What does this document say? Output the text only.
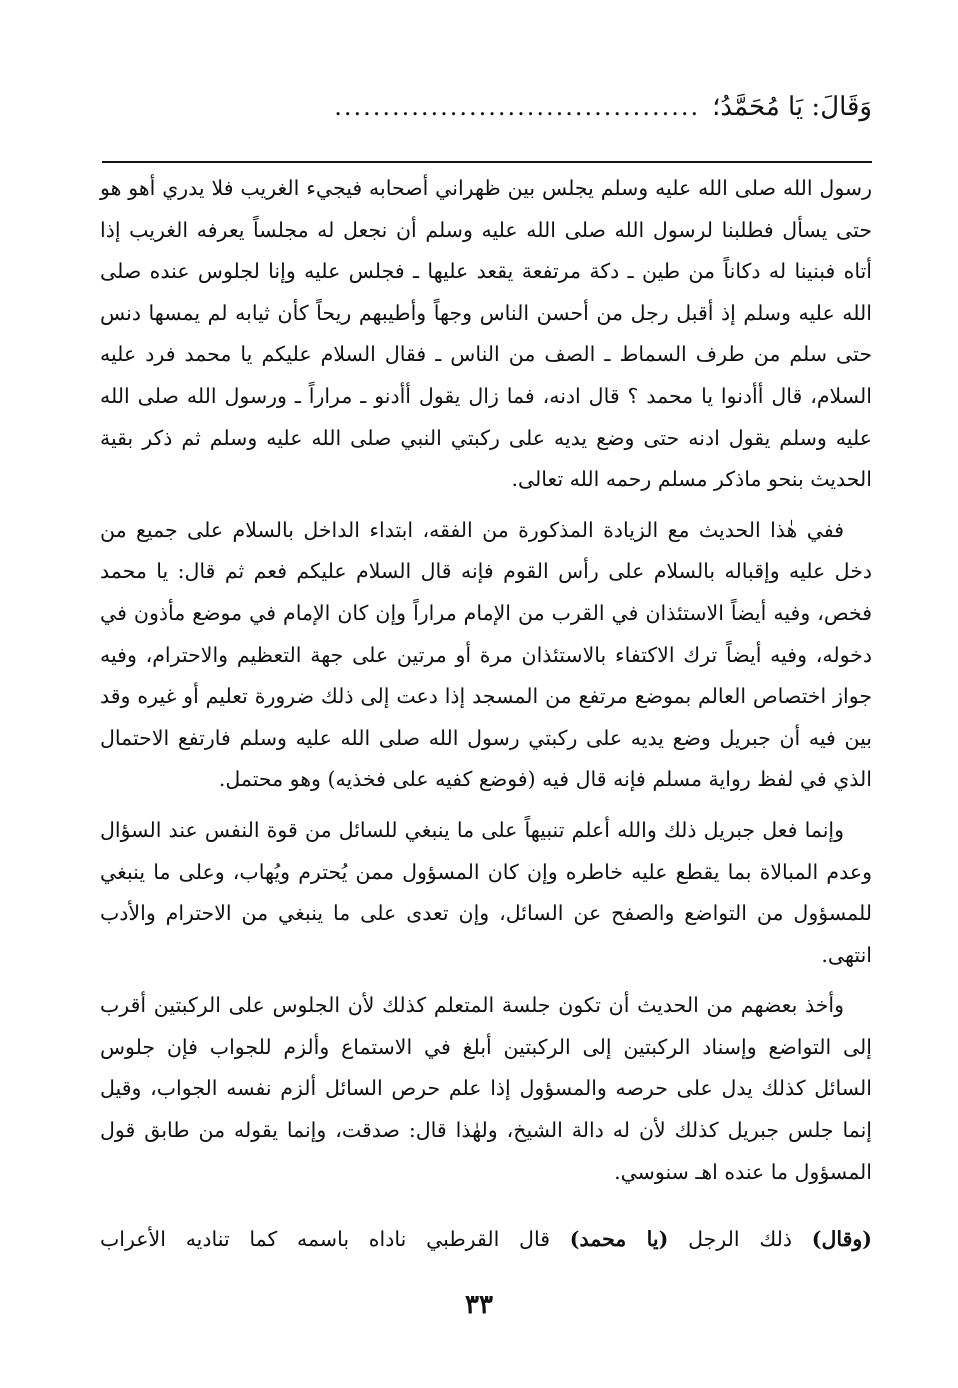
وَقَالَ: يَا مُحَمَّدُ؛
......................................

رسول الله صلى الله عليه وسلم يجلس بين ظهراني أصحابه فيجيء الغريب فلا يدري أهو هو حتى يسأل فطلبنا لرسول الله صلى الله عليه وسلم أن نجعل له مجلساً يعرفه الغريب إذا أتاه فبنينا له دكاناً من طين ـ دكة مرتفعة يقعد عليها ـ فجلس عليه وإنا لجلوس عنده صلى الله عليه وسلم إذ أقبل رجل من أحسن الناس وجهاً وأطيبهم ريحاً كأن ثيابه لم يمسها دنس حتى سلم من طرف السماط ـ الصف من الناس ـ فقال السلام عليكم يا محمد فرد عليه السلام، قال أأدنوا يا محمد ؟ قال ادنه، فما زال يقول أأدنو ـ مراراً ـ ورسول الله صلى الله عليه وسلم يقول ادنه حتى وضع يديه على ركبتي النبي صلى الله عليه وسلم ثم ذكر بقية الحديث بنحو ماذكر مسلم رحمه الله تعالى.

ففي هٰذا الحديث مع الزيادة المذكورة من الفقه، ابتداء الداخل بالسلام على جميع من دخل عليه وإقباله بالسلام على رأس القوم فإنه قال السلام عليكم فعم ثم قال: يا محمد فخص، وفيه أيضاً الاستئذان في القرب من الإمام مراراً وإن كان الإمام في موضع مأذون في دخوله، وفيه أيضاً ترك الاكتفاء بالاستئذان مرة أو مرتين على جهة التعظيم والاحترام، وفيه جواز اختصاص العالم بموضع مرتفع من المسجد إذا دعت إلى ذلك ضرورة تعليم أو غيره وقد بين فيه أن جبريل وضع يديه على ركبتي رسول الله صلى الله عليه وسلم فارتفع الاحتمال الذي في لفظ رواية مسلم فإنه قال فيه (فوضع كفيه على فخذيه) وهو محتمل.

وإنما فعل جبريل ذلك والله أعلم تنبيهاً على ما ينبغي للسائل من قوة النفس عند السؤال وعدم المبالاة بما يقطع عليه خاطره وإن كان المسؤول ممن يُحترم ويُهاب، وعلى ما ينبغي للمسؤول من التواضع والصفح عن السائل، وإن تعدى على ما ينبغي من الاحترام والأدب انتهى.

وأخذ بعضهم من الحديث أن تكون جلسة المتعلم كذلك لأن الجلوس على الركبتين أقرب إلى التواضع وإسناد الركبتين إلى الركبتين أبلغ في الاستماع وألزم للجواب فإن جلوس السائل كذلك يدل على حرصه والمسؤول إذا علم حرص السائل ألزم نفسه الجواب، وقيل إنما جلس جبريل كذلك لأن له دالة الشيخ، ولهٰذا قال: صدقت، وإنما يقوله من طابق قول المسؤول ما عنده اهـ سنوسي.

(وقال) ذلك الرجل (يا محمد) قال القرطبي ناداه باسمه كما تناديه الأعراب
٣٣
